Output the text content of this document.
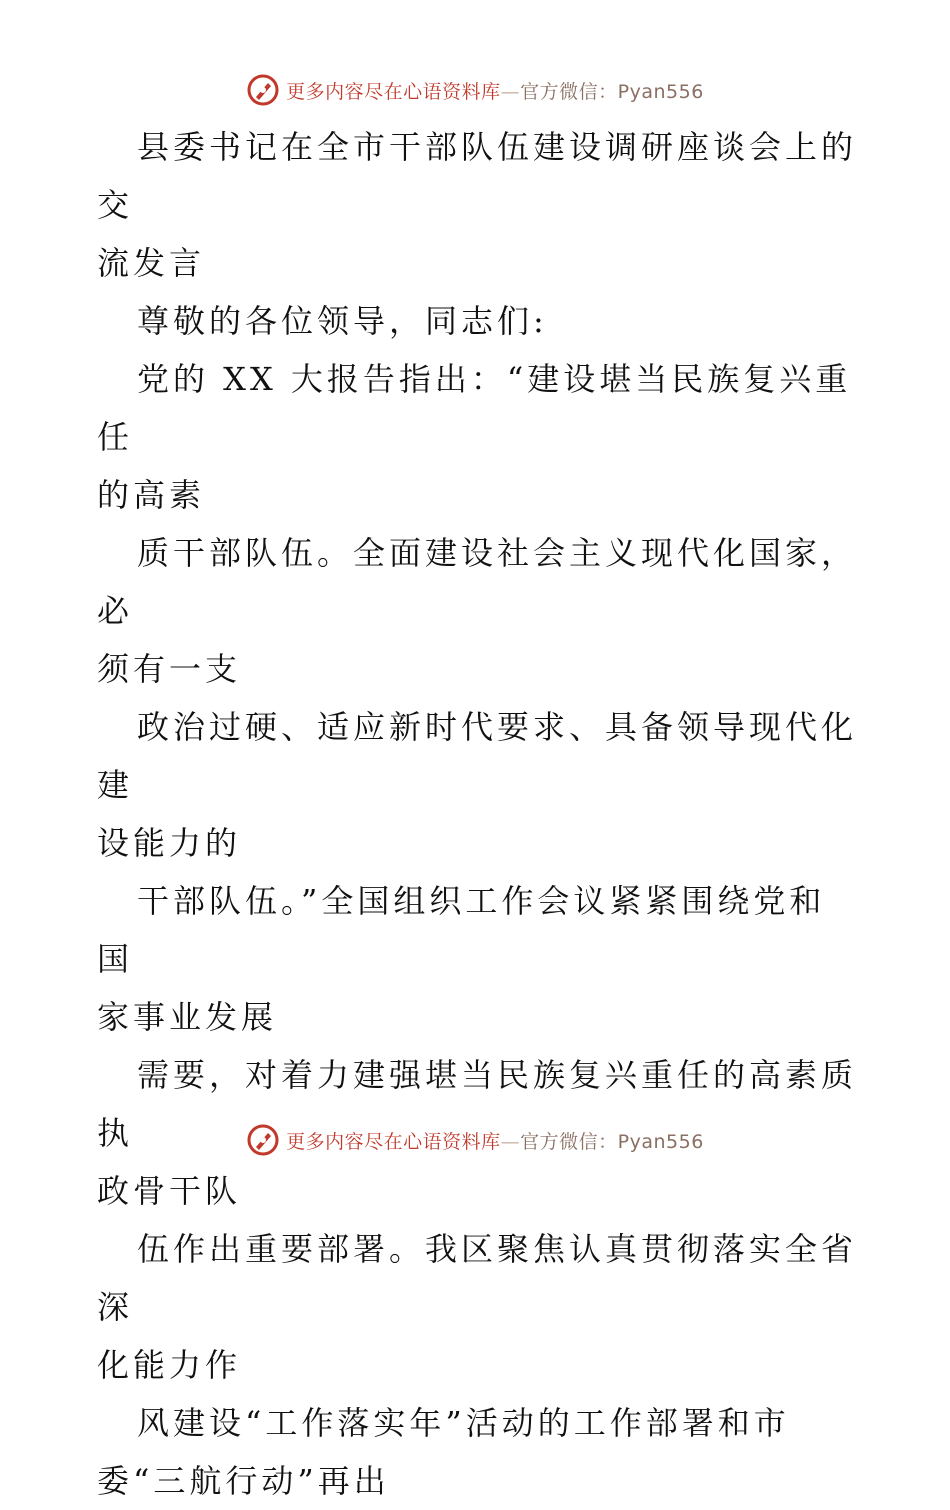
更多内容尽在心语资料库—官方微信：Pyan556

县委书记在全市干部队伍建设调研座谈会上的交

流发言

尊敬的各位领导，同志们:

党的 XX 大报告指出：“建设堪当民族复兴重任

的高素

质干部队伍。全面建设社会主义现代化国家，必

须有一支

政治过硬、适应新时代要求、具备领导现代化建

设能力的

干部队伍。”全国组织工作会议紧紧围绕党和国

家事业发展

需要，对着力建强堪当民族复兴重任的高素质执

政骨干队

伍作出重要部署。我区聚焦认真贯彻落实全省深

化能力作

风建设“工作落实年”活动的工作部署和市

委“三航行动”再出

更多内容尽在心语资料库—官方微信：Pyan556
